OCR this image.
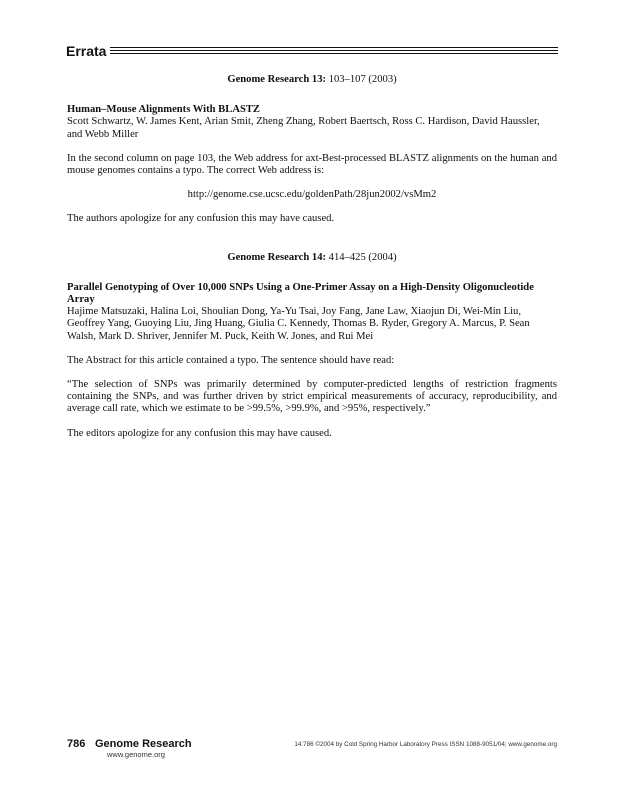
Errata

Genome Research 13: 103–107 (2003)

Human–Mouse Alignments With BLASTZ

Scott Schwartz, W. James Kent, Arian Smit, Zheng Zhang, Robert Baertsch, Ross C. Hardison, David Haussler, and Webb Miller

In the second column on page 103, the Web address for axt-Best-processed BLASTZ alignments on the human and mouse genomes contains a typo. The correct Web address is:

http://genome.cse.ucsc.edu/goldenPath/28jun2002/vsMm2

The authors apologize for any confusion this may have caused.

Genome Research 14: 414–425 (2004)

Parallel Genotyping of Over 10,000 SNPs Using a One-Primer Assay on a High-Density Oligonucleotide Array

Hajime Matsuzaki, Halina Loi, Shoulian Dong, Ya-Yu Tsai, Joy Fang, Jane Law, Xiaojun Di, Wei-Min Liu, Geoffrey Yang, Guoying Liu, Jing Huang, Giulia C. Kennedy, Thomas B. Ryder, Gregory A. Marcus, P. Sean Walsh, Mark D. Shriver, Jennifer M. Puck, Keith W. Jones, and Rui Mei

The Abstract for this article contained a typo. The sentence should have read:

“The selection of SNPs was primarily determined by computer-predicted lengths of restriction fragments containing the SNPs, and was further driven by strict empirical measurements of accuracy, reproducibility, and average call rate, which we estimate to be >99.5%, >99.9%, and >95%, respectively.”

The editors apologize for any confusion this may have caused.

786 Genome Research
www.genome.org
14:786 ©2004 by Cold Spring Harbor Laboratory Press ISSN 1088-9051/04; www.genome.org
